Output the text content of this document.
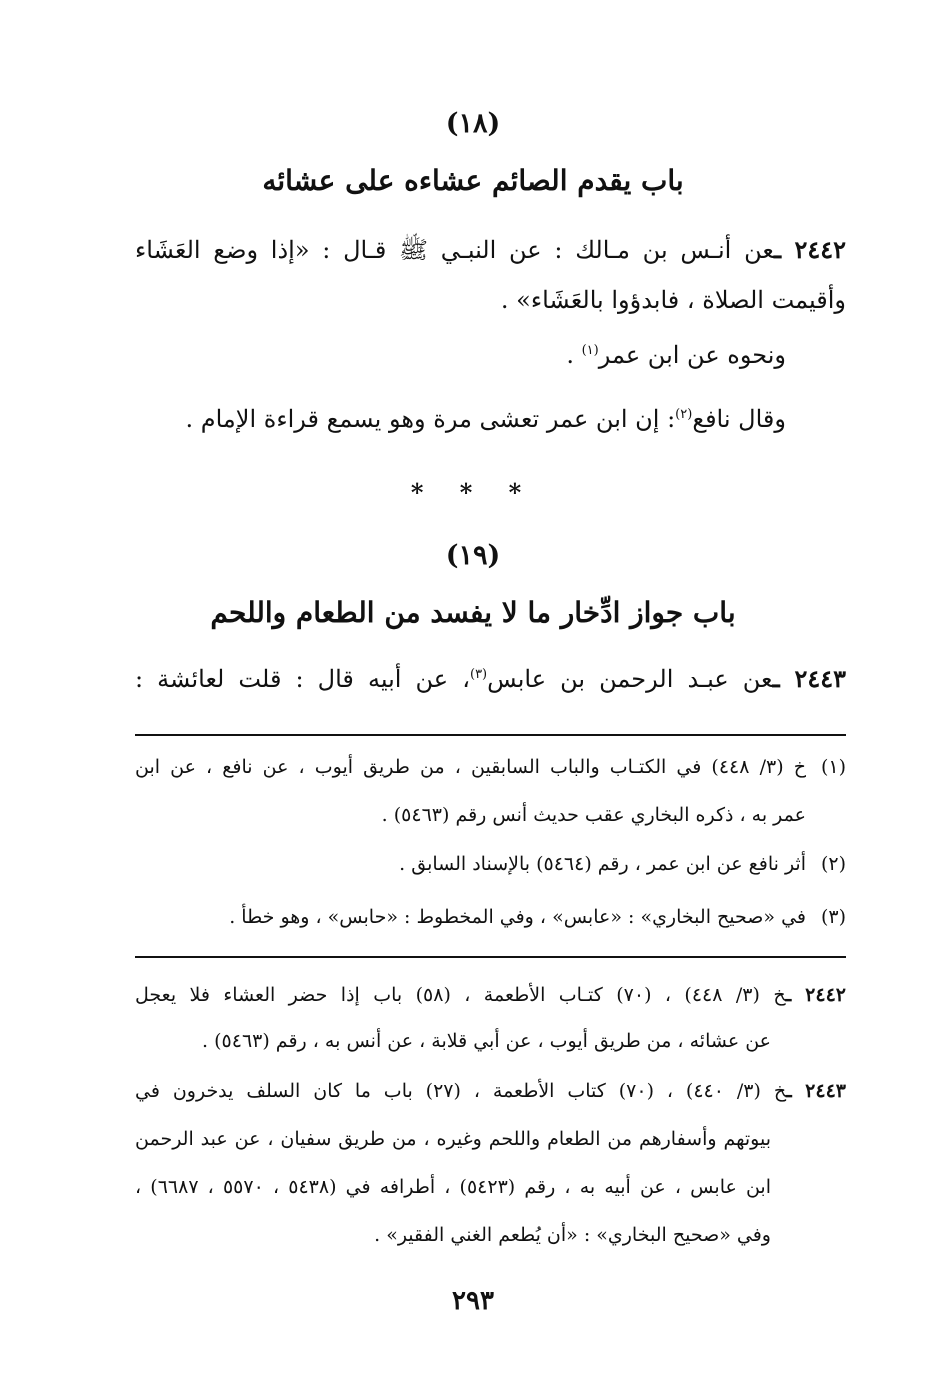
(١٨)
باب يقدم الصائم عشاءه على عشائه
٢٤٤٢ ـعن أنـس بن مـالك : عن النبـي ﷺ قـال : «إذا وضع العَشَاء
وأقيمت الصلاة ، فابدؤوا بالعَشَاء» .
ونحوه عن ابن عمر$^{(١)}$ .
وقال نافع$^{(٢)}$: إن ابن عمر تعشى مرة وهو يسمع قراءة الإمام .
* * *
(١٩)
باب جواز ادِّخار ما لا يفسد من الطعام واللحم
٢٤٤٣ ـعن عبـد الرحمن بن عابس$^{(٣)}$، عن أبيه قال : قلت لعائشة :
(١)خ (٣/ ٤٤٨) في الكتـاب والباب السابقين ، من طريق أيوب ، عن نافع ، عن ابن
عمر به ، ذكره البخاري عقب حديث أنس رقم (٥٤٦٣) .
(٢)أثر نافع عن ابن عمر ، رقم (٥٤٦٤) بالإسناد السابق .
(٣)في «صحيح البخاري» : «عابس» ، وفي المخطوط : «حابس» ، وهو خطأ .
٢٤٤٢ ـخ (٣/ ٤٤٨) ، (٧٠) كتـاب الأطعمة ، (٥٨) باب إذا حضر العشاء فلا يعجل
عن عشائه ، من طريق أيوب ، عن أبي قلابة ، عن أنس به ، رقم (٥٤٦٣) .
٢٤٤٣ ـخ (٣/ ٤٤٠) ، (٧٠) كتاب الأطعمة ، (٢٧) باب ما كان السلف يدخرون في
بيوتهم وأسفارهم من الطعام واللحم وغيره ، من طريق سفيان ، عن عبد الرحمن
ابن عابس ، عن أبيه به ، رقم (٥٤٢٣) ، أطرافه في (٥٤٣٨ ، ٥٥٧٠ ، ٦٦٨٧) ،
وفي «صحيح البخاري» : «أن يُطعم الغني الفقير» .
٢٩٣
